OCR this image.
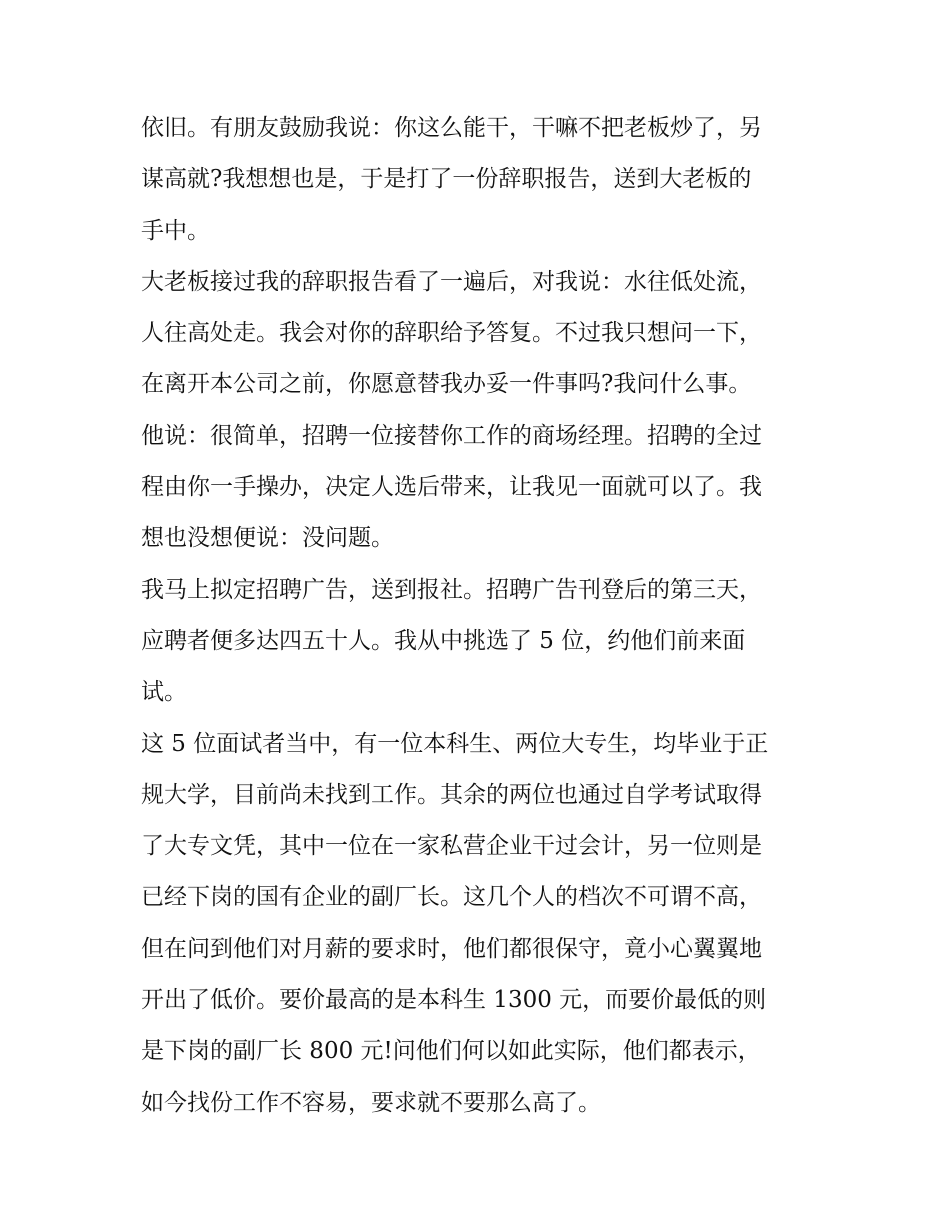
依旧。有朋友鼓励我说：你这么能干，干嘛不把老板炒了，另
谋高就?我想想也是，于是打了一份辞职报告，送到大老板的
手中。
大老板接过我的辞职报告看了一遍后，对我说：水往低处流，
人往高处走。我会对你的辞职给予答复。不过我只想问一下，
在离开本公司之前，你愿意替我办妥一件事吗?我问什么事。
他说：很简单，招聘一位接替你工作的商场经理。招聘的全过
程由你一手操办，决定人选后带来，让我见一面就可以了。我
想也没想便说：没问题。
我马上拟定招聘广告，送到报社。招聘广告刊登后的第三天，
应聘者便多达四五十人。我从中挑选了 5 位，约他们前来面
试。
这 5 位面试者当中，有一位本科生、两位大专生，均毕业于正
规大学，目前尚未找到工作。其余的两位也通过自学考试取得
了大专文凭，其中一位在一家私营企业干过会计，另一位则是
已经下岗的国有企业的副厂长。这几个人的档次不可谓不高，
但在问到他们对月薪的要求时，他们都很保守，竟小心翼翼地
开出了低价。要价最高的是本科生 1300 元，而要价最低的则
是下岗的副厂长 800 元!问他们何以如此实际，他们都表示，
如今找份工作不容易，要求就不要那么高了。
